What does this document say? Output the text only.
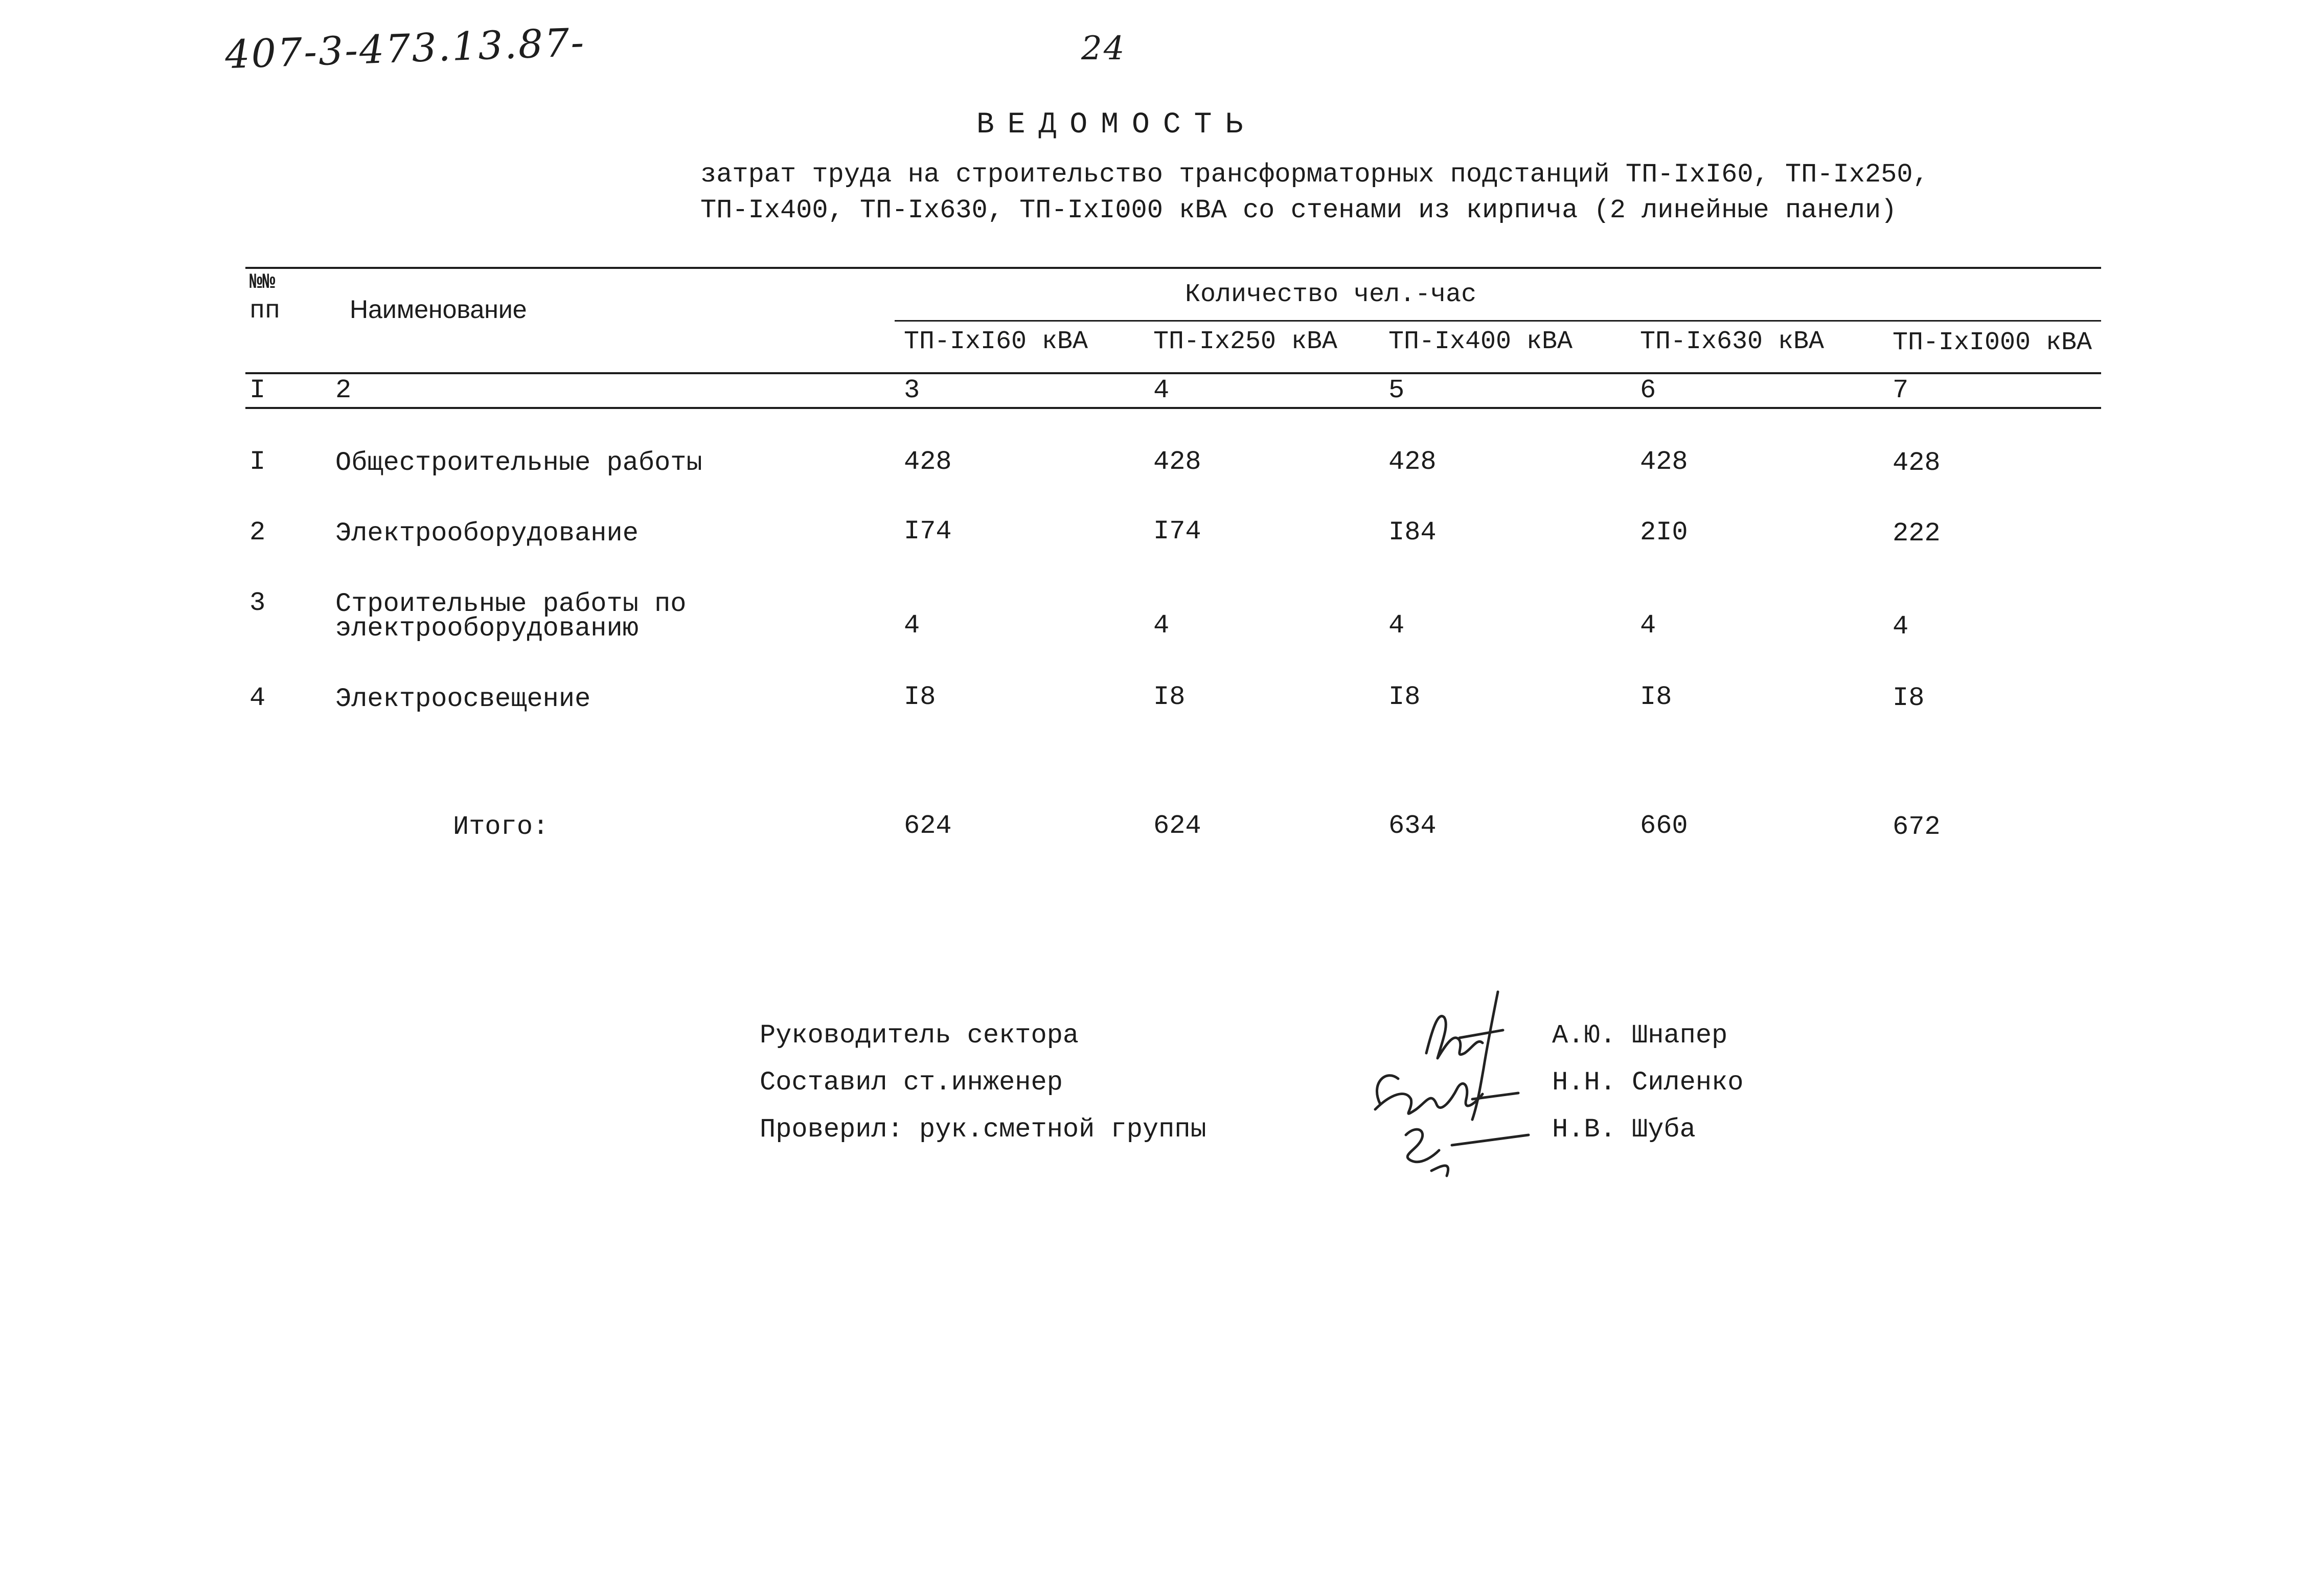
407-3-473.13.87-	24
ВЕДОМОСТЬ
затрат труда на строительство трансформаторных подстанций ТП-IxI60, ТП-Ix250,
ТП-Ix400, ТП-Ix630, ТП-IxI000 кВА со стенами из кирпича (2 линейные панели)
№№
пп	Наименование	Количество чел.-час
ТП-IxI60 кВА	ТП-Ix250 кВА ТП-Ix400 кВА	ТП-Ix630 кВА	ТП-IxI000 кВА
I	2	3	4	5	6	7
I	Общестроительные работы	428	428	428	428	428
2	Электрооборудование	I74	I74	I84	2I0	222
3	Строительные работы по
электрооборудованию	4	4	4	4	4
4	Электроосвещение	I8	I8	I8	I8	I8
Итого:	624	624	634	660	672
Руководитель сектора
Составил ст.инженер
Проверил: рук.сметной группы
А.Ю. Шнапер
Н.Н. Силенко
Н.В. Шуба
